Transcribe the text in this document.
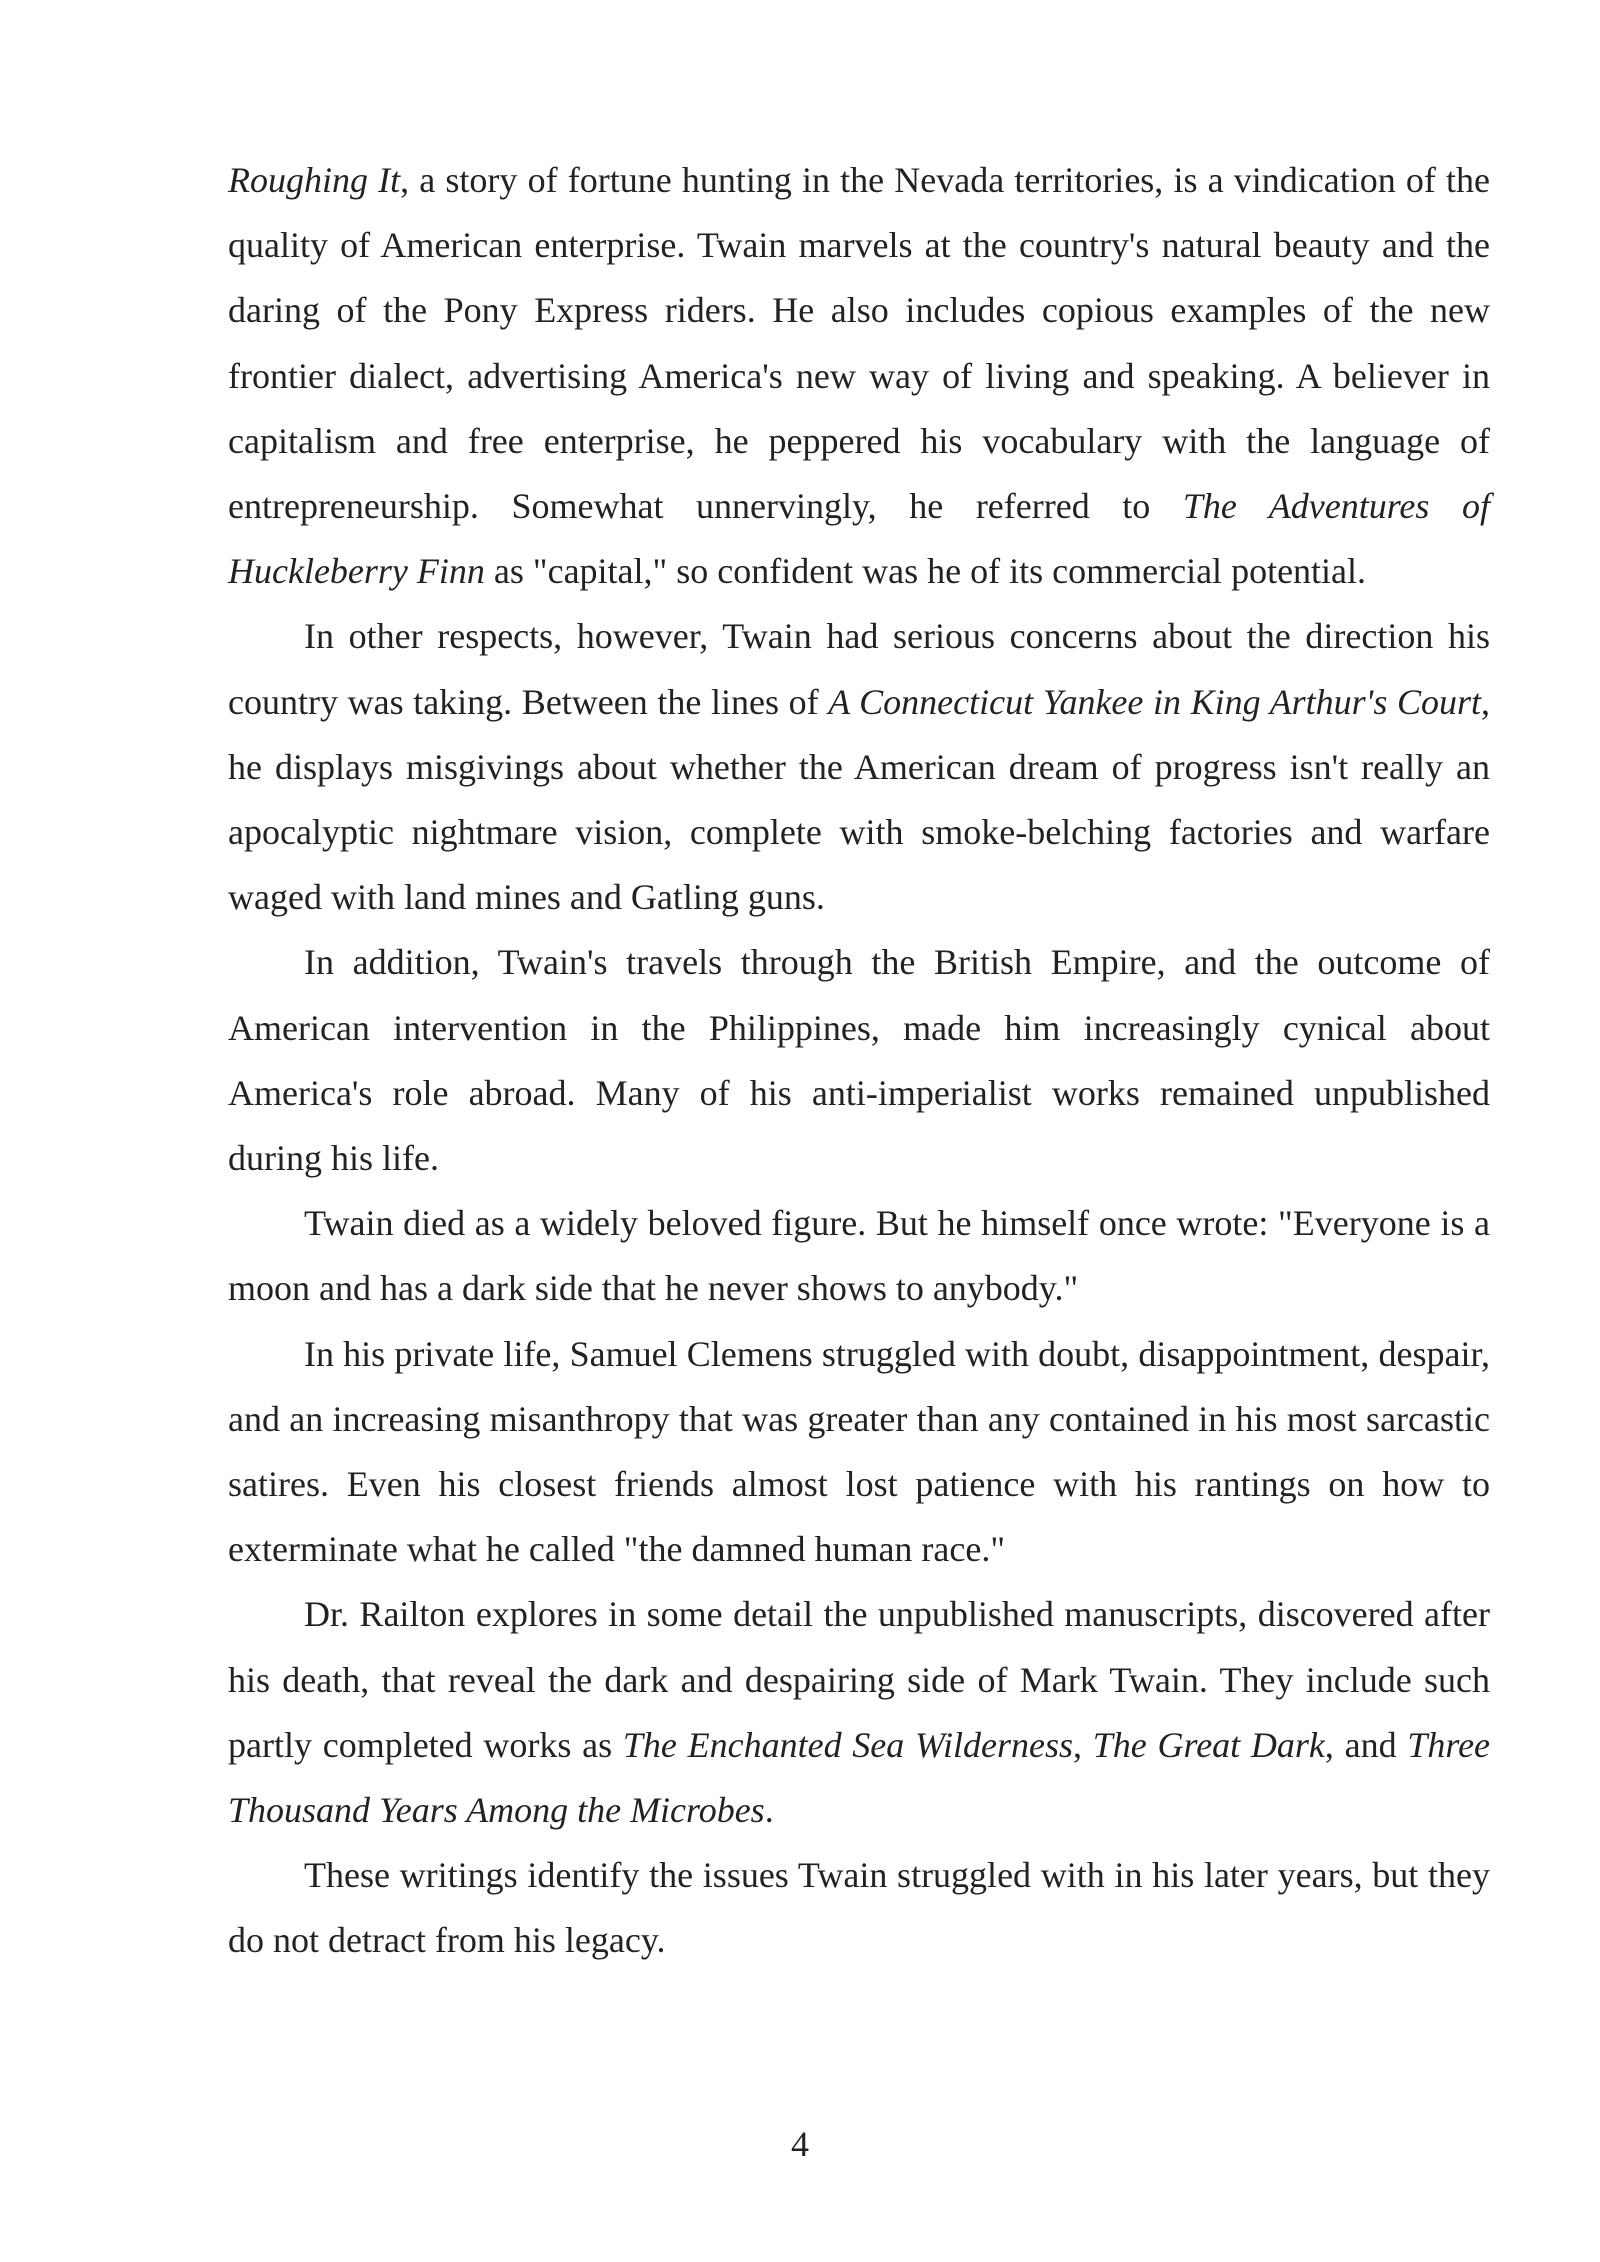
Roughing It, a story of fortune hunting in the Nevada territories, is a vindication of the quality of American enterprise. Twain marvels at the country's natural beauty and the daring of the Pony Express riders. He also includes copious examples of the new frontier dialect, advertising America's new way of living and speaking. A believer in capitalism and free enterprise, he peppered his vocabulary with the language of entrepreneurship. Somewhat unnervingly, he referred to The Adventures of Huckleberry Finn as "capital," so confident was he of its commercial potential.

In other respects, however, Twain had serious concerns about the direction his country was taking. Between the lines of A Connecticut Yankee in King Arthur's Court, he displays misgivings about whether the American dream of progress isn't really an apocalyptic nightmare vision, complete with smoke-belching factories and warfare waged with land mines and Gatling guns.

In addition, Twain's travels through the British Empire, and the outcome of American intervention in the Philippines, made him increasingly cynical about America's role abroad. Many of his anti-imperialist works remained unpublished during his life.

Twain died as a widely beloved figure. But he himself once wrote: "Everyone is a moon and has a dark side that he never shows to anybody."

In his private life, Samuel Clemens struggled with doubt, disappointment, despair, and an increasing misanthropy that was greater than any contained in his most sarcastic satires. Even his closest friends almost lost patience with his rantings on how to exterminate what he called "the damned human race."

Dr. Railton explores in some detail the unpublished manuscripts, discovered after his death, that reveal the dark and despairing side of Mark Twain. They include such partly completed works as The Enchanted Sea Wilderness, The Great Dark, and Three Thousand Years Among the Microbes.

These writings identify the issues Twain struggled with in his later years, but they do not detract from his legacy.

4
